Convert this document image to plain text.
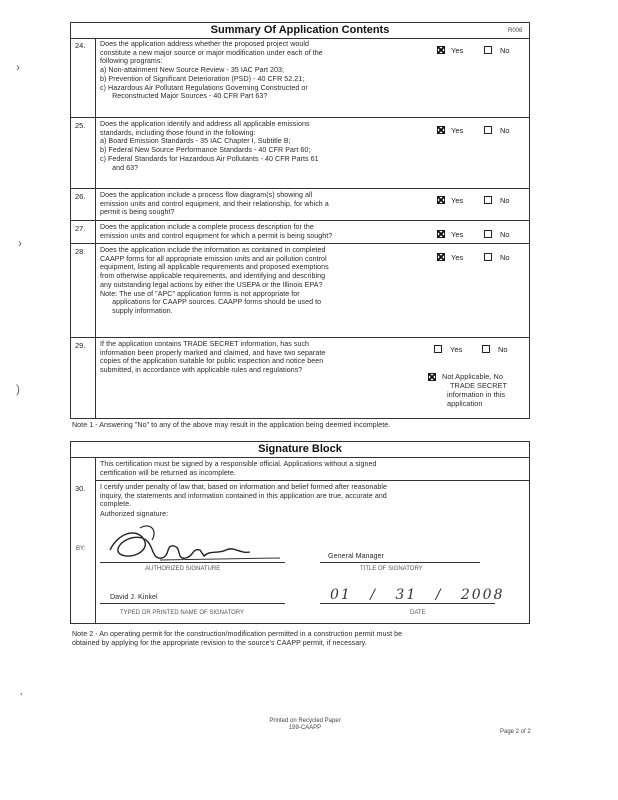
Summary Of Application Contents	R006
24. Does the application address whether the proposed project would
constitute a new major source or major modification under each of the
following programs:
a) Non-attainment New Source Review - 35 IAC Part 203;
b) Prevention of Significant Deterioration (PSD) - 40 CFR 52.21;
c) Hazardous Air Pollutant Regulations Governing Constructed or
Reconstructed Major Sources - 40 CFR Part 63?
Yes	No
25. Does the application identify and address all applicable emissions
standards, including those found in the following:
a) Board Emission Standards - 35 IAC Chapter I, Subtitle B;
b) Federal New Source Performance Standards - 40 CFR Part 60;
c) Federal Standards for Hazardous Air Pollutants - 40 CFR Parts 61
and 63?
Yes	No
26. Does the application include a process flow diagram(s) showing all
emission units and control equipment, and their relationship, for which a
permit is being sought?
Yes	No
27. Does the application include a complete process description for the
emission units and control equipment for which a permit is being sought?	Yes	No
28. Does the application include the information as contained in completed
CAAPP forms for all appropriate emission units and air pollution control
equipment, listing all applicable requirements and proposed exemptions
from otherwise applicable requirements, and identifying and describing
any outstanding legal actions by either the USEPA or the Illinois EPA?
Note: The use of "APC" application forms is not appropriate for
applications for CAAPP sources. CAAPP forms should be used to
supply information.
Yes	No
29. If the application contains TRADE SECRET information, has such
information been properly marked and claimed, and have two separate
copies of the application suitable for public inspection and notice been
submitted, in accordance with applicable rules and regulations?
Yes	No
Not Applicable, No
TRADE SECRET
information in this
application
Note 1 - Answering "No" to any of the above may result in the application being deemed incomplete.
Signature Block
This certification must be signed by a responsible official. Applications without a signed
certification will be returned as incomplete.
30. I certify under penalty of law that, based on information and belief formed after reasonable
inquiry, the statements and information contained in this application are true, accurate and
complete.
Authorized signature:
BY:
AUTHORIZED SIGNATURE
General Manager
TITLE OF SIGNATORY
David J. Kinkel
TYPED OR PRINTED NAME OF SIGNATORY
01 / 31 / 2008
DATE
Note 2 - An operating permit for the construction/modification permitted in a construction permit must be
obtained by applying for the appropriate revision to the source's CAAPP permit, if necessary.
Printed on Recycled Paper
199-CAAPP
Page 2 of 2
›
›
)
‘
